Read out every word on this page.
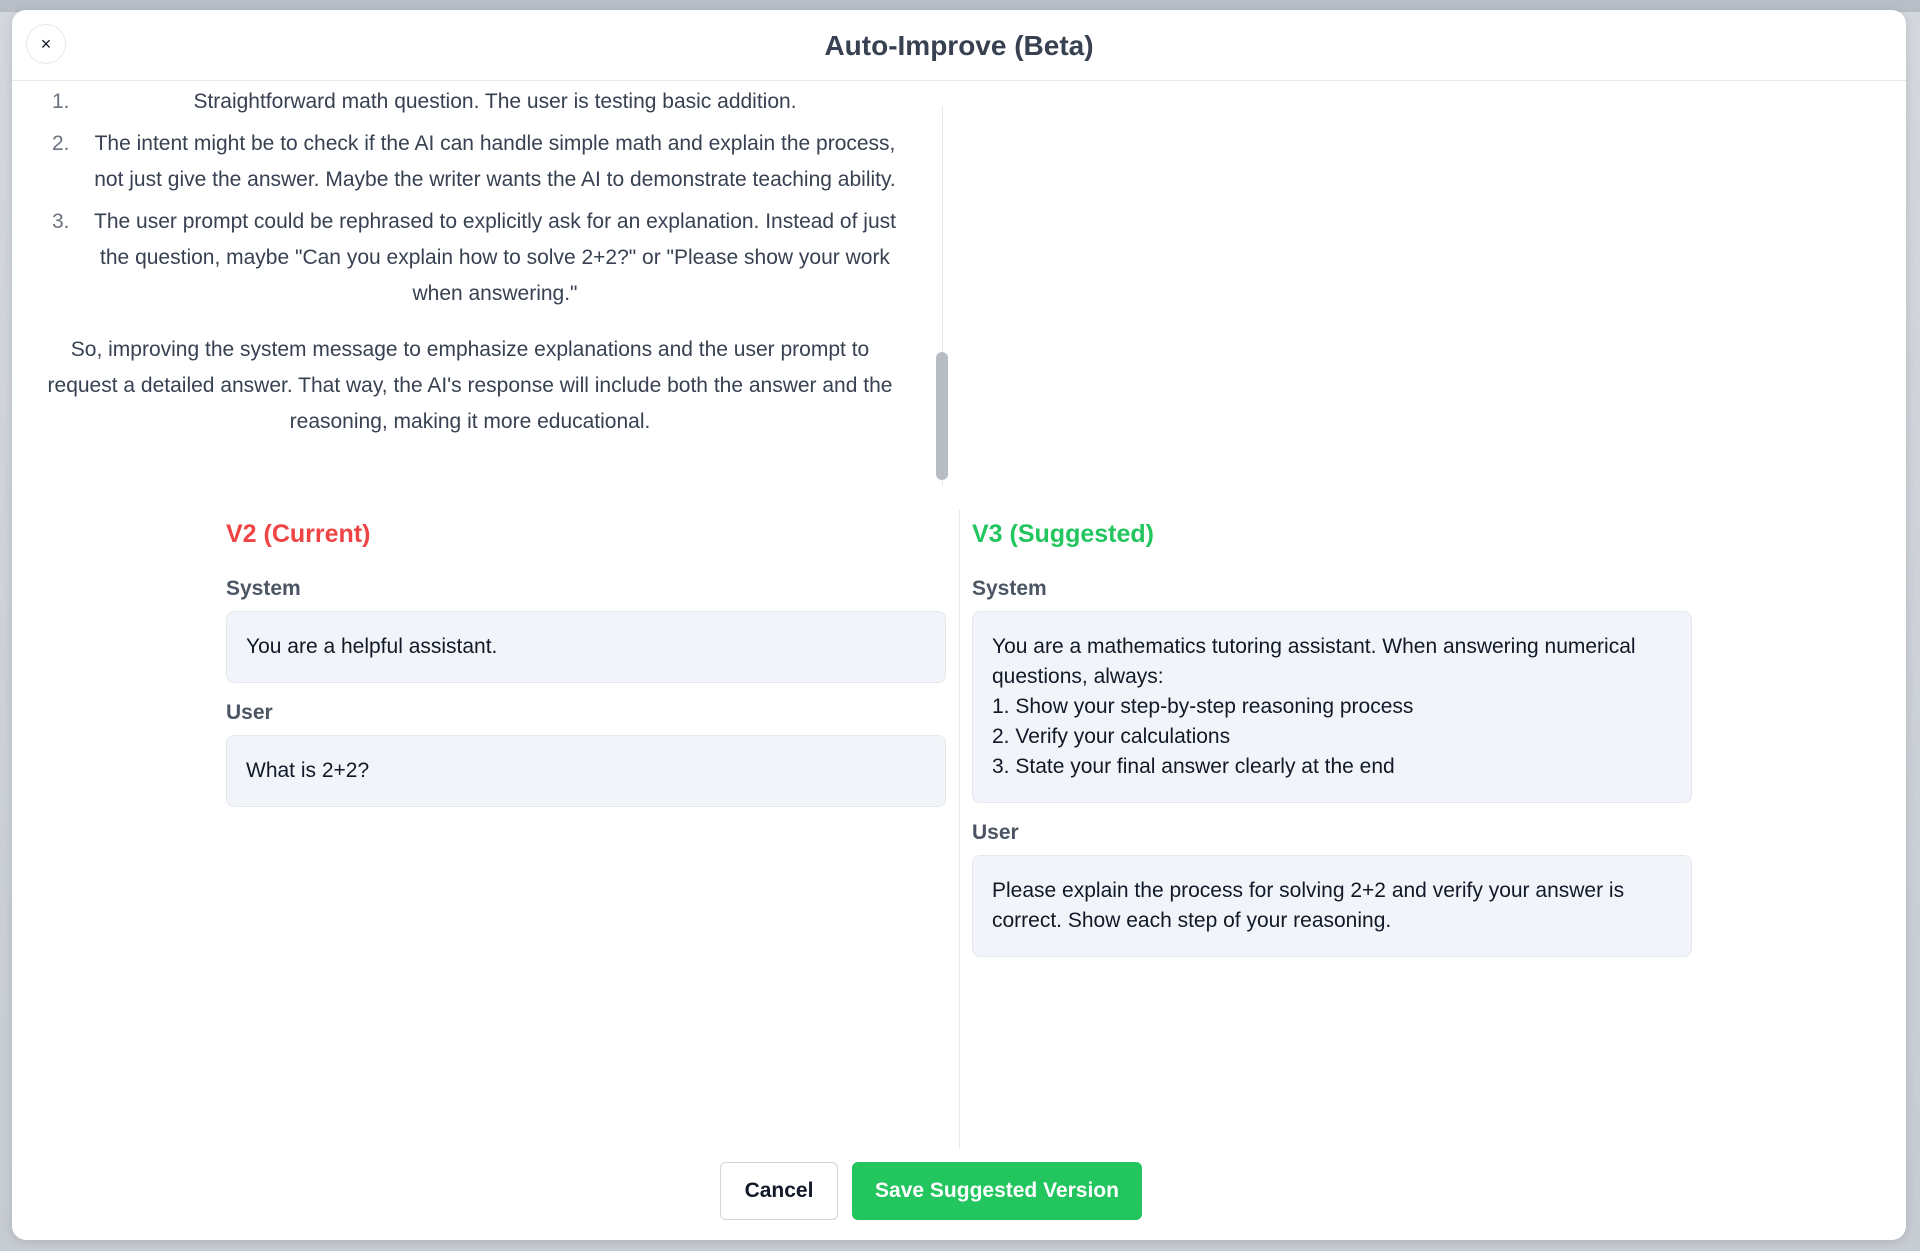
×	Auto-Improve (Beta)
1.	Straightforward math question. The user is testing basic addition.
2. The intent might be to check if the AI can handle simple math and explain the process, not just give the answer. Maybe the writer wants the AI to demonstrate teaching ability.
3. The user prompt could be rephrased to explicitly ask for an explanation. Instead of just the question, maybe "Can you explain how to solve 2+2?" or "Please show your work when answering."

So, improving the system message to emphasize explanations and the user prompt to request a detailed answer. That way, the AI's response will include both the answer and the reasoning, making it more educational.

V2 (Current)
System
You are a helpful assistant.
User
What is 2+2?
V3 (Suggested)
System
You are a mathematics tutoring assistant. When answering numerical questions, always:
1. Show your step-by-step reasoning process
2. Verify your calculations
3. State your final answer clearly at the end
User
Please explain the process for solving 2+2 and verify your answer is correct. Show each step of your reasoning.
Cancel	Save Suggested Version
